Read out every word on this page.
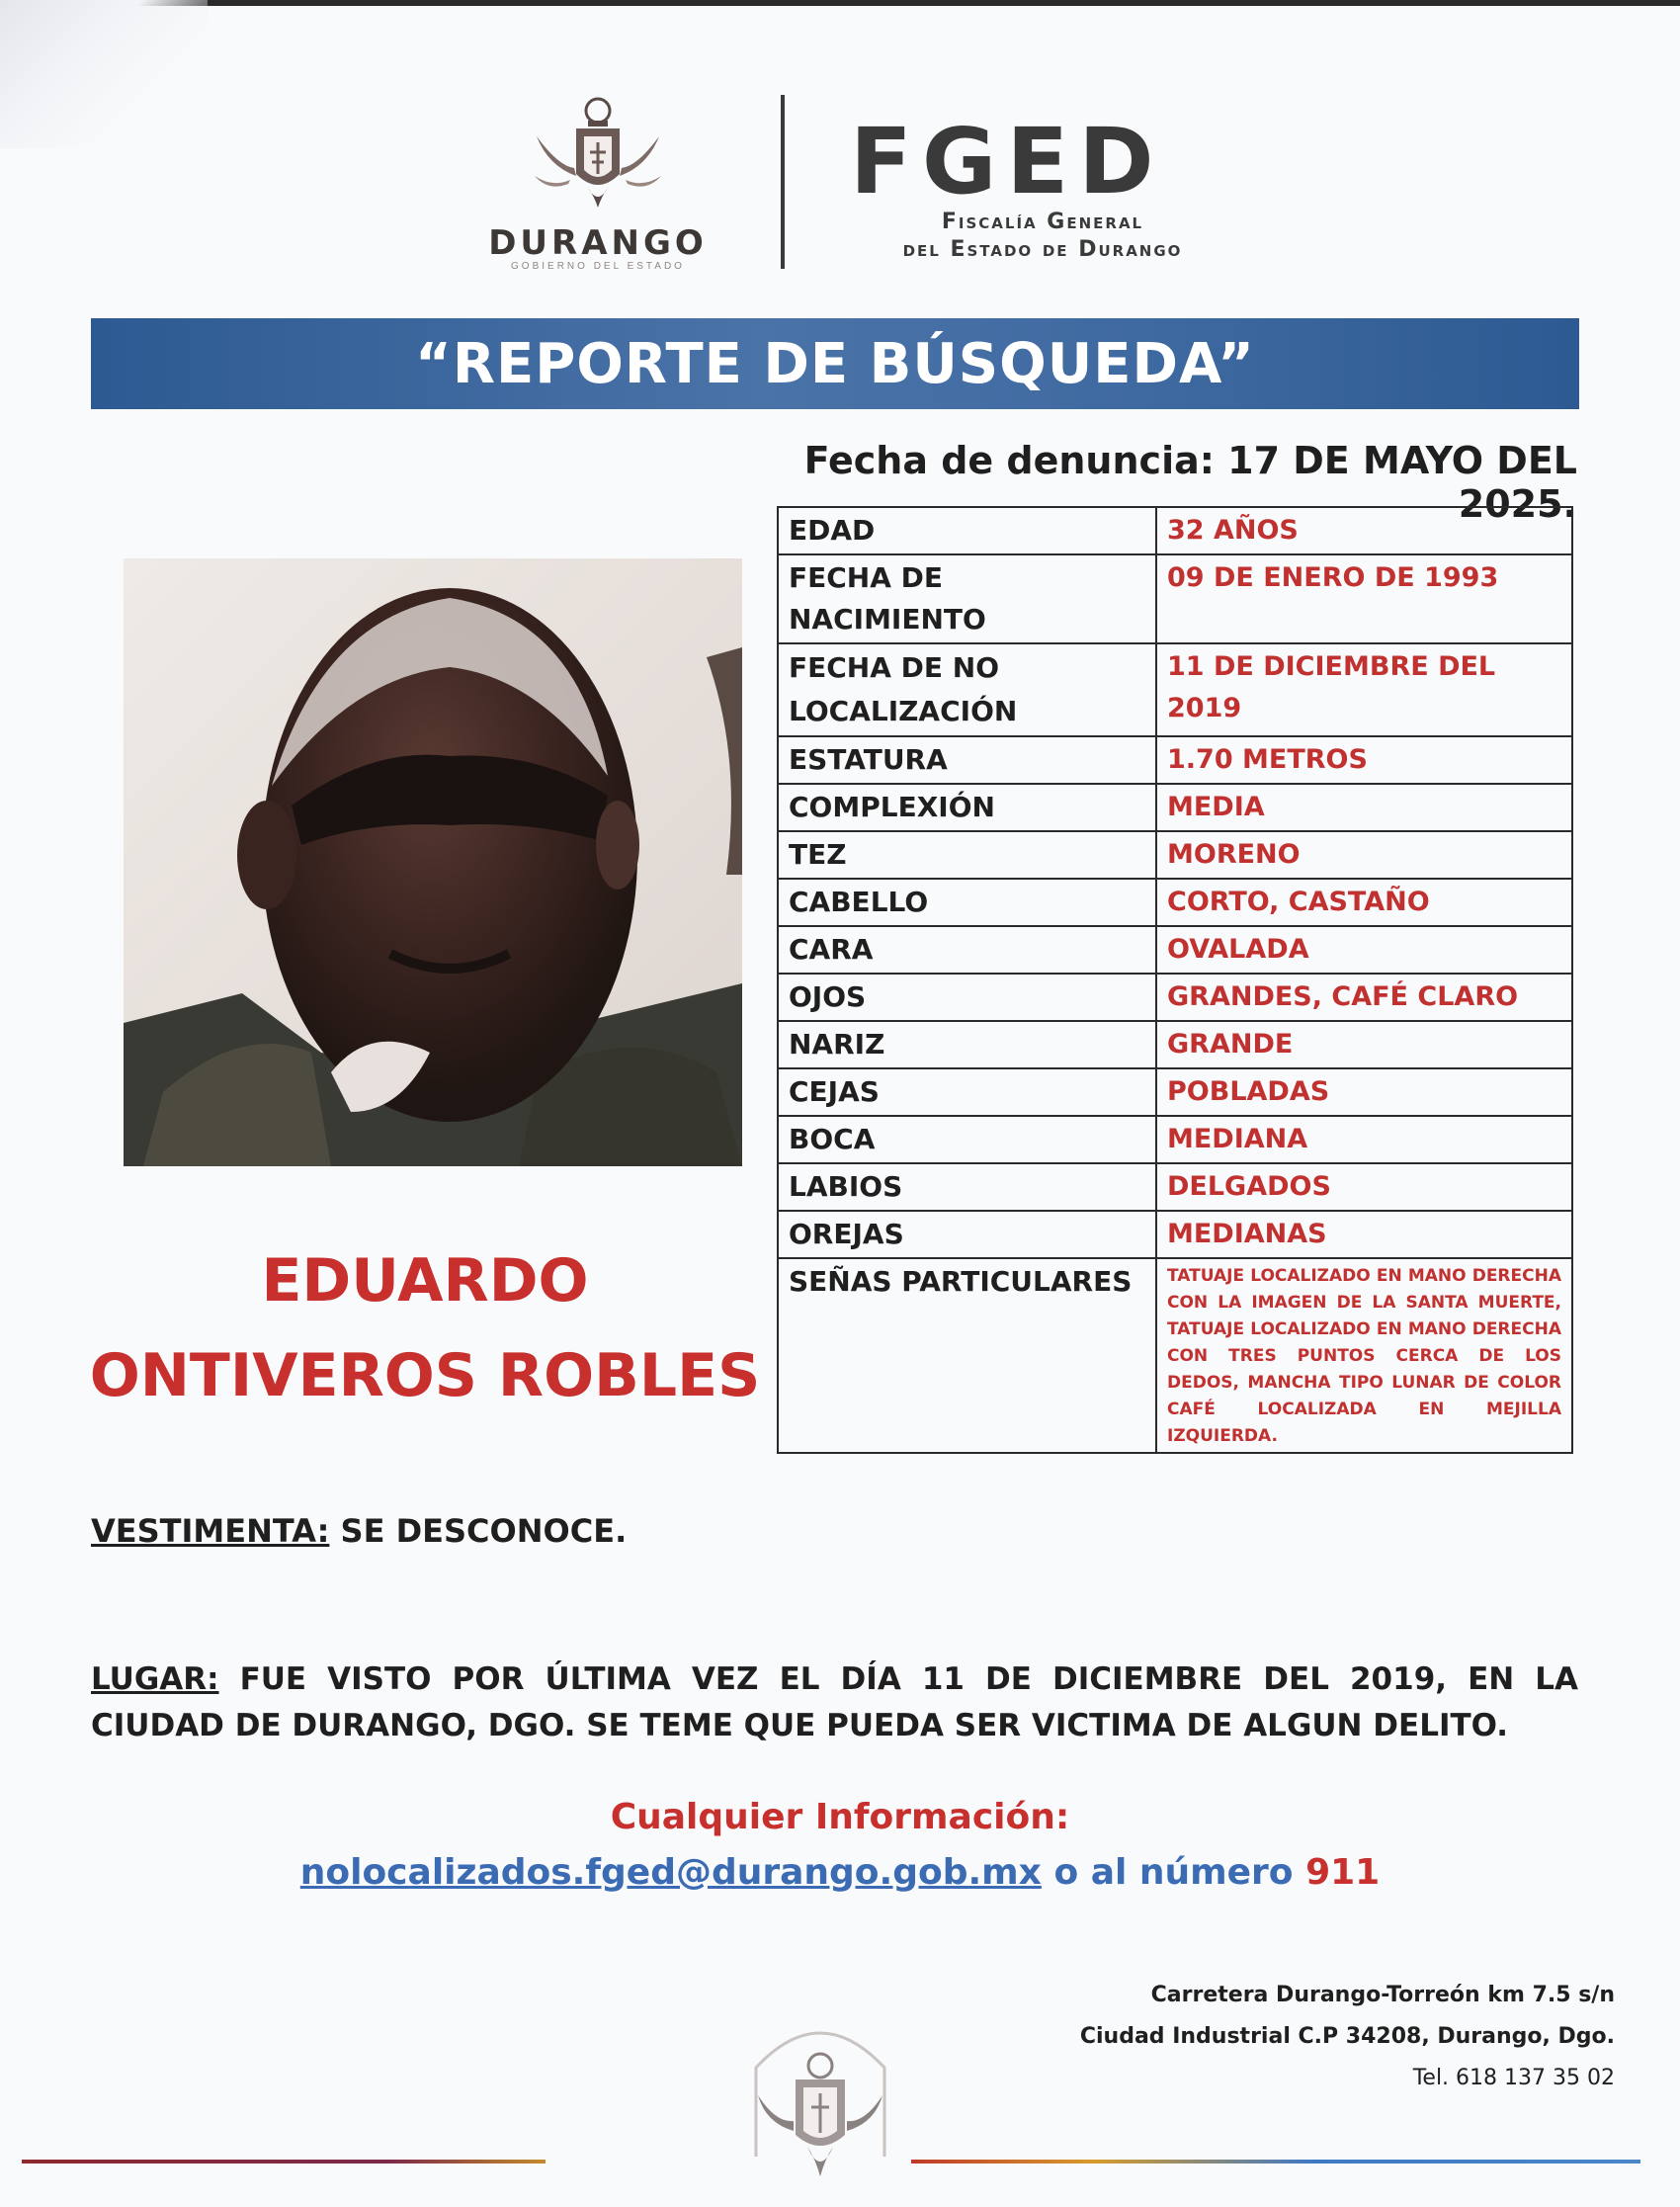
DURANGO
GOBIERNO DEL ESTADO
FGED
Fiscalía General
del Estado de Durango
“REPORTE DE BÚSQUEDA”
Fecha de denuncia: 17 DE MAYO DEL 2025.
EDAD	32 AÑOS
FECHA DE NACIMIENTO	09 DE ENERO DE 1993
FECHA DE NO LOCALIZACIÓN	11 DE DICIEMBRE DEL 2019
ESTATURA	1.70 METROS
COMPLEXIÓN	MEDIA
TEZ	MORENO
CABELLO	CORTO, CASTAÑO
CARA	OVALADA
OJOS	GRANDES, CAFÉ CLARO
NARIZ	GRANDE
CEJAS	POBLADAS
BOCA	MEDIANA
LABIOS	DELGADOS
OREJAS	MEDIANAS
SEÑAS PARTICULARES	TATUAJE LOCALIZADO EN MANO DERECHA CON LA IMAGEN DE LA SANTA MUERTE, TATUAJE LOCALIZADO EN MANO DERECHA CON TRES PUNTOS CERCA DE LOS DEDOS, MANCHA TIPO LUNAR DE COLOR CAFÉ LOCALIZADA EN MEJILLA IZQUIERDA.
EDUARDO
ONTIVEROS ROBLES
VESTIMENTA: SE DESCONOCE.
LUGAR: FUE VISTO POR ÚLTIMA VEZ EL DÍA 11 DE DICIEMBRE DEL 2019, EN LA CIUDAD DE DURANGO, DGO. SE TEME QUE PUEDA SER VICTIMA DE ALGUN DELITO.
Cualquier Información:
nolocalizados.fged@durango.gob.mx o al número 911
Carretera Durango-Torreón km 7.5 s/n
Ciudad Industrial C.P 34208, Durango, Dgo.
Tel. 618 137 35 02
